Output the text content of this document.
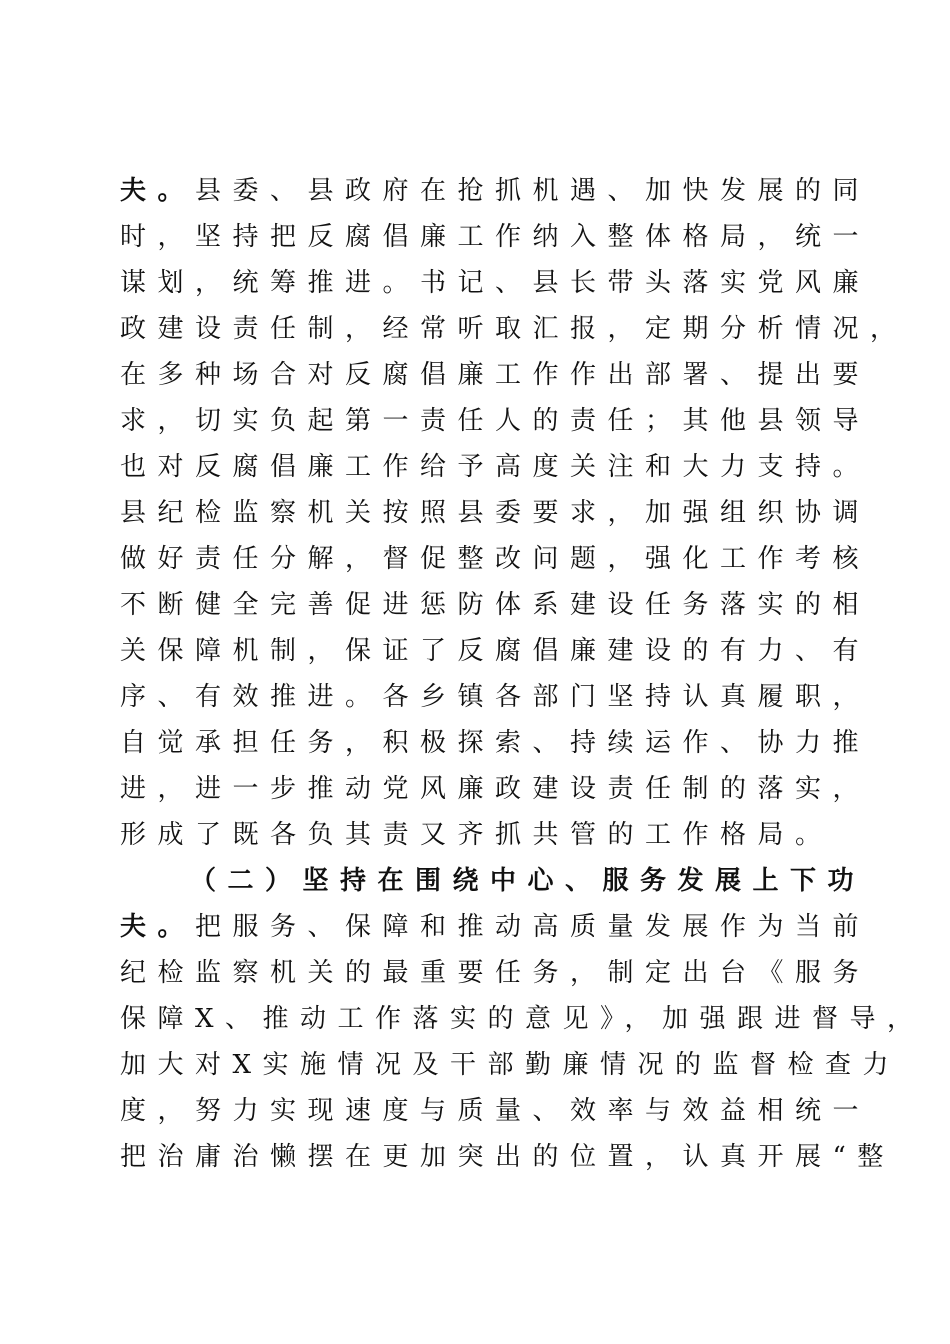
夫。县委、县政府在抢抓机遇、加快发展的同
时，坚持把反腐倡廉工作纳入整体格局，统一
谋划，统筹推进。书记、县长带头落实党风廉
政建设责任制，经常听取汇报，定期分析情况，
在多种场合对反腐倡廉工作作出部署、提出要
求，切实负起第一责任人的责任；其他县领导
也对反腐倡廉工作给予高度关注和大力支持。
县纪检监察机关按照县委要求，加强组织协调
做好责任分解，督促整改问题，强化工作考核
不断健全完善促进惩防体系建设任务落实的相
关保障机制，保证了反腐倡廉建设的有力、有
序、有效推进。各乡镇各部门坚持认真履职，
自觉承担任务，积极探索、持续运作、协力推
进，进一步推动党风廉政建设责任制的落实，
形成了既各负其责又齐抓共管的工作格局。
（二）坚持在围绕中心、服务发展上下功
夫。把服务、保障和推动高质量发展作为当前
纪检监察机关的最重要任务，制定出台《服务
保障X、推动工作落实的意见》，加强跟进督导，
加大对X实施情况及干部勤廉情况的监督检查力
度，努力实现速度与质量、效率与效益相统一
把治庸治懒摆在更加突出的位置，认真开展“整
